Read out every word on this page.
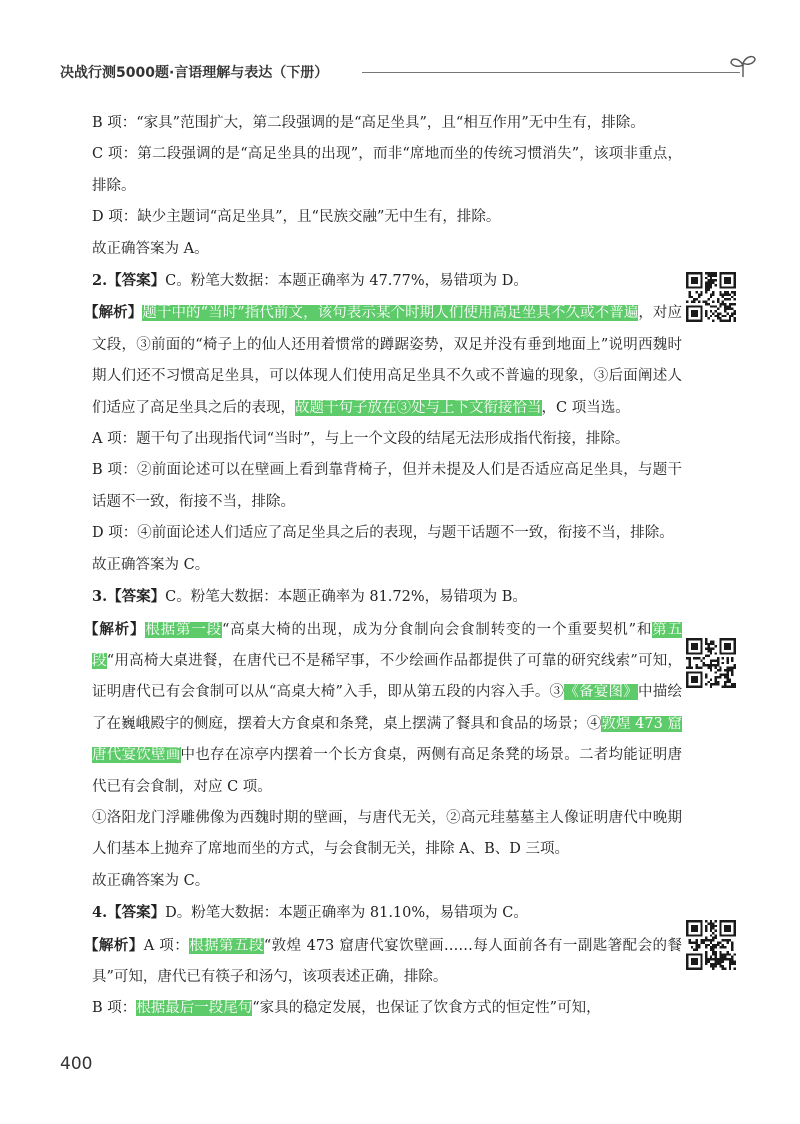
决战行测5000题·言语理解与表达（下册）
B 项：“家具”范围扩大，第二段强调的是“高足坐具”，且“相互作用”无中生有，排除。
C 项：第二段强调的是“高足坐具的出现”，而非“席地而坐的传统习惯消失”，该项非重点，排除。
D 项：缺少主题词“高足坐具”，且“民族交融”无中生有，排除。
故正确答案为 A。
2.【答案】C。粉笔大数据：本题正确率为 47.77%，易错项为 D。
【解析】题干中的“当时”指代前文，该句表示某个时期人们使用高足坐具不久或不普遍，对应文段，③前面的“椅子上的仙人还用着惯常的蹲踞姿势，双足并没有垂到地面上”说明西魏时期人们还不习惯高足坐具，可以体现人们使用高足坐具不久或不普遍的现象，③后面阐述人们适应了高足坐具之后的表现，故题干句子放在③处与上下文衔接恰当，C 项当选。
A 项：题干句了出现指代词“当时”，与上一个文段的结尾无法形成指代衔接，排除。
B 项：②前面论述可以在壁画上看到靠背椅子，但并未提及人们是否适应高足坐具，与题干话题不一致，衔接不当，排除。
D 项：④前面论述人们适应了高足坐具之后的表现，与题干话题不一致，衔接不当，排除。
故正确答案为 C。
3.【答案】C。粉笔大数据：本题正确率为 81.72%，易错项为 B。
【解析】根据第一段“高桌大椅的出现，成为分食制向会食制转变的一个重要契机”和第五段“用高椅大桌进餐，在唐代已不是稀罕事，不少绘画作品都提供了可靠的研究线索”可知，证明唐代已有会食制可以从“高桌大椅”入手，即从第五段的内容入手。③《备宴图》中描绘了在巍峨殿宇的侧庭，摆着大方食桌和条凳，桌上摆满了餐具和食品的场景；④敦煌 473 窟唐代宴饮壁画中也存在凉亭内摆着一个长方食桌，两侧有高足条凳的场景。二者均能证明唐代已有会食制，对应 C 项。
①洛阳龙门浮雕佛像为西魏时期的壁画，与唐代无关，②高元珪墓墓主人像证明唐代中晚期人们基本上抛弃了席地而坐的方式，与会食制无关，排除 A、B、D 三项。
故正确答案为 C。
4.【答案】D。粉笔大数据：本题正确率为 81.10%，易错项为 C。
【解析】A 项：根据第五段“敦煌 473 窟唐代宴饮壁画……每人面前各有一副匙箸配会的餐具”可知，唐代已有筷子和汤勺，该项表述正确，排除。
B 项：根据最后一段尾句“家具的稳定发展，也保证了饮食方式的恒定性”可知，
400
